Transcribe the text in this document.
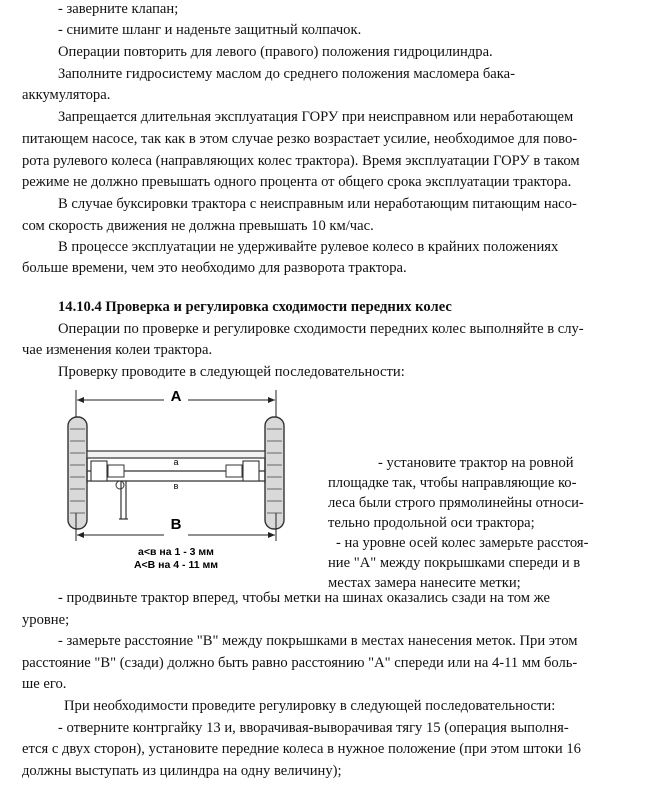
- заверните клапан;
- снимите шланг и наденьте защитный колпачок.
Операции повторить для левого (правого) положения гидроцилиндра.
Заполните гидросистему маслом до среднего положения масломера бака-
аккумулятора.
Запрещается длительная эксплуатация ГОРУ при неисправном или неработающем
питающем насосе, так как в этом случае резко возрастает усилие, необходимое для пово-
рота рулевого колеса (направляющих колес трактора). Время эксплуатации ГОРУ в таком
режиме не должно превышать одного процента от общего срока эксплуатации трактора.
В случае буксировки трактора с неисправным или неработающим питающим насо-
сом скорость движения не должна превышать 10 км/час.
В процессе эксплуатации не удерживайте рулевое колесо в крайних положениях
больше времени, чем это необходимо для разворота трактора.
14.10.4 Проверка и регулировка сходимости передних колес
Операции по проверке и регулировке сходимости передних колес выполняйте в слу-
чае изменения колеи трактора.
Проверку проводите в следующей последовательности:
- установите трактор на ровной
площадке так, чтобы направляющие ко-
леса были строго прямолинейны относи-
тельно продольной оси трактора;
- на уровне осей колес замерьте расстоя-
ние "А" между покрышками спереди и в
местах замера нанесите метки;
- продвиньте трактор вперед, чтобы метки на шинах оказались сзади на том же
уровне;
- замерьте расстояние "В" между покрышками в местах нанесения меток. При этом
расстояние "В" (сзади) должно быть равно расстоянию "А" спереди или на 4-11 мм боль-
ше его.
При необходимости проведите регулировку в следующей последовательности:
- отверните контргайку 13 и, вворачивая-выворачивая тягу 15 (операция выполня-
ется с двух сторон), установите передние колеса в нужное положение (при этом штоки 16
должны выступать из цилиндра на одну величину);
A
a
в
B
а<в на 1 - 3 мм
А<В на 4 - 11 мм
